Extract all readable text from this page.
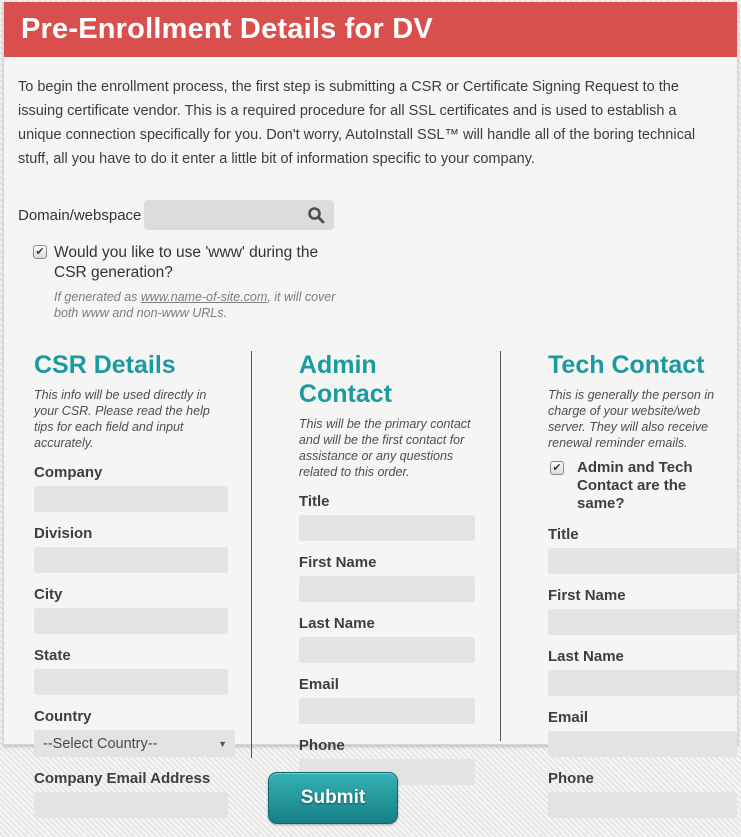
Pre-Enrollment Details for DV

To begin the enrollment process, the first step is submitting a CSR or Certificate Signing Request to the issuing certificate vendor. This is a required procedure for all SSL certificates and is used to establish a unique connection specifically for you. Don't worry, AutoInstall SSL™ will handle all of the boring technical stuff, all you have to do it enter a little bit of information specific to your company.

Domain/webspace
✔ Would you like to use 'www' during the CSR generation?

If generated as www.name-of-site.com, it will cover both www and non-www URLs.

CSR Details

This info will be used directly in your CSR. Please read the help tips for each field and input accurately.

Company
Division
City
State
Country
--Select Country--	▼
Company Email Address
Admin Contact

This will be the primary contact and will be the first contact for assistance or any questions related to this order.

Title
First Name
Last Name
Email
Phone
Tech Contact

This is generally the person in charge of your website/web server. They will also receive renewal reminder emails.

✔ Admin and Tech Contact are the same?
Title
First Name
Last Name
Email
Phone
Submit
